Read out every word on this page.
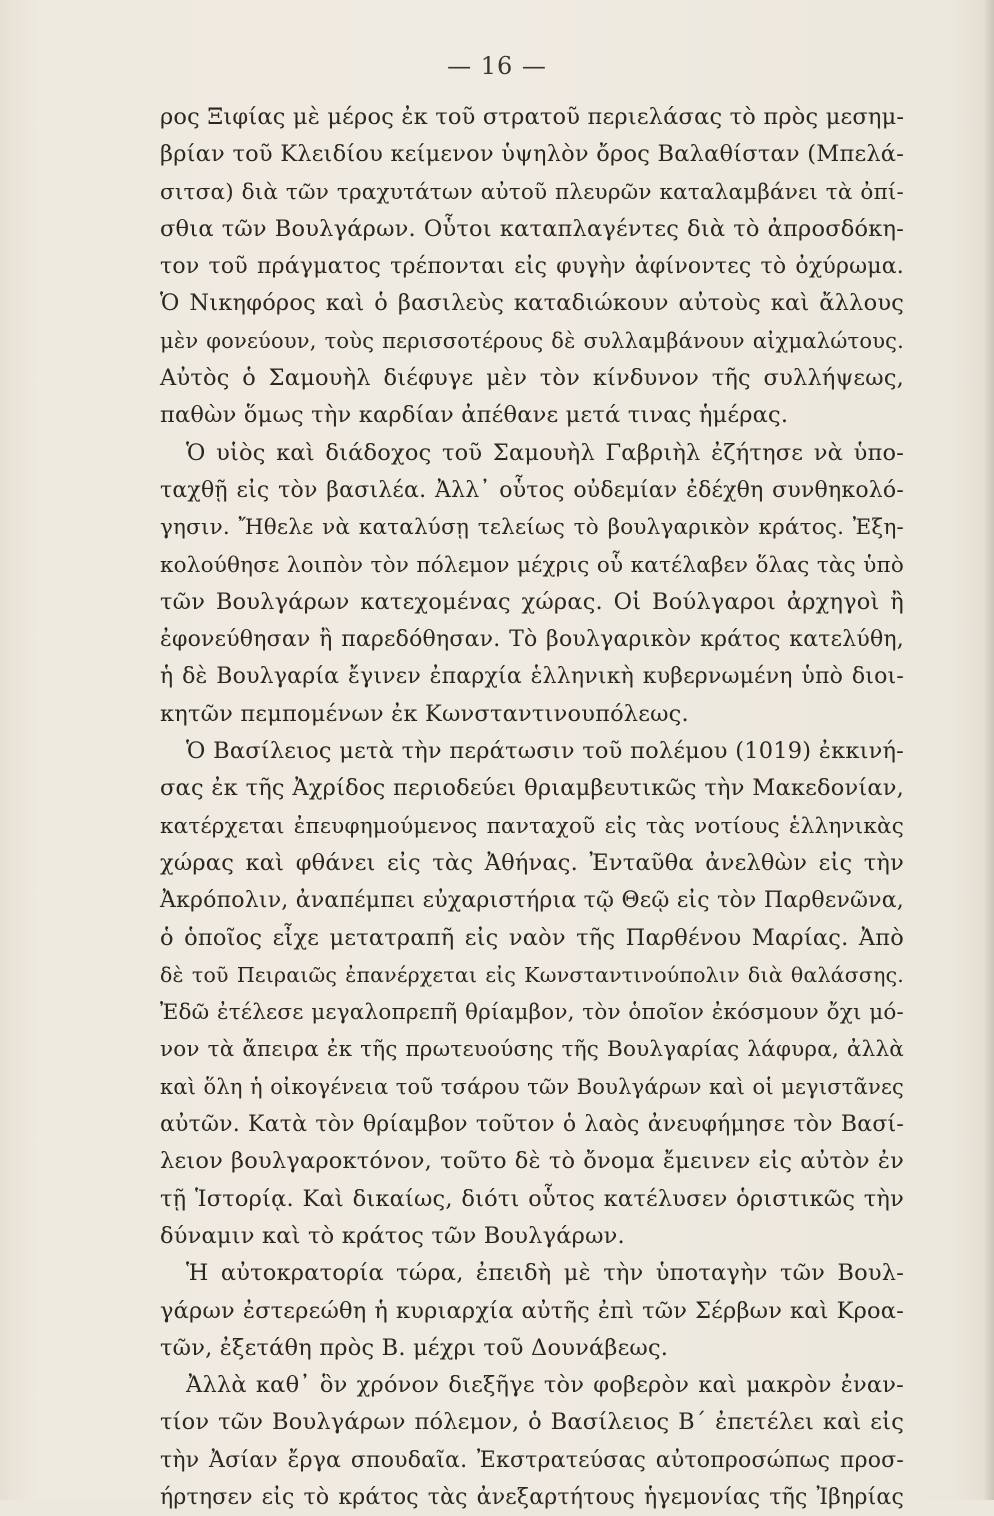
— 16 —
ρος Ξιφίας μὲ μέρος ἐκ τοῦ στρατοῦ περιελάσας τὸ πρὸς μεσημ-
βρίαν τοῦ Κλειδίου κείμενον ὑψηλὸν ὄρος Βαλαθίσταν (Μπελά-
σιτσα) διὰ τῶν τραχυτάτων αὐτοῦ πλευρῶν καταλαμβάνει τὰ ὀπί-
σθια τῶν Βουλγάρων. Οὗτοι καταπλαγέντες διὰ τὸ ἀπροσδόκη-
τον τοῦ πράγματος τρέπονται εἰς φυγὴν ἀφίνοντες τὸ ὀχύρωμα.
Ὁ Νικηφόρος καὶ ὁ βασιλεὺς καταδιώκουν αὐτοὺς καὶ ἄλλους
μὲν φονεύουν, τοὺς περισσοτέρους δὲ συλλαμβάνουν αἰχμαλώτους.
Αὐτὸς ὁ Σαμουὴλ διέφυγε μὲν τὸν κίνδυνον τῆς συλλήψεως,
παθὼν ὅμως τὴν καρδίαν ἀπέθανε μετά τινας ἡμέρας.
Ὁ υἱὸς καὶ διάδοχος τοῦ Σαμουὴλ Γαβριὴλ ἐζήτησε νὰ ὑπο-
ταχθῇ εἰς τὸν βασιλέα. Ἀλλ᾽ οὗτος οὐδεμίαν ἐδέχθη συνθηκολό-
γησιν. Ἤθελε νὰ καταλύσῃ τελείως τὸ βουλγαρικὸν κράτος. Ἐξη-
κολούθησε λοιπὸν τὸν πόλεμον μέχρις οὗ κατέλαβεν ὅλας τὰς ὑπὸ
τῶν Βουλγάρων κατεχομένας χώρας. Οἱ Βούλγαροι ἀρχηγοὶ ἢ
ἐφονεύθησαν ἢ παρεδόθησαν. Τὸ βουλγαρικὸν κράτος κατελύθη,
ἡ δὲ Βουλγαρία ἔγινεν ἐπαρχία ἑλληνικὴ κυβερνωμένη ὑπὸ διοι-
κητῶν πεμπομένων ἐκ Κωνσταντινουπόλεως.
Ὁ Βασίλειος μετὰ τὴν περάτωσιν τοῦ πολέμου (1019) ἐκκινή-
σας ἐκ τῆς Ἀχρίδος περιοδεύει θριαμβευτικῶς τὴν Μακεδονίαν,
κατέρχεται ἐπευφημούμενος πανταχοῦ εἰς τὰς νοτίους ἑλληνικὰς
χώρας καὶ φθάνει εἰς τὰς Ἀθήνας. Ἐνταῦθα ἀνελθὼν εἰς τὴν
Ἀκρόπολιν, ἀναπέμπει εὐχαριστήρια τῷ Θεῷ εἰς τὸν Παρθενῶνα,
ὁ ὁποῖος εἶχε μετατραπῆ εἰς ναὸν τῆς Παρθένου Μαρίας. Ἀπὸ
δὲ τοῦ Πειραιῶς ἐπανέρχεται εἰς Κωνσταντινούπολιν διὰ θαλάσσης.
Ἐδῶ ἐτέλεσε μεγαλοπρεπῆ θρίαμβον, τὸν ὁποῖον ἐκόσμουν ὄχι μό-
νον τὰ ἄπειρα ἐκ τῆς πρωτευούσης τῆς Βουλγαρίας λάφυρα, ἀλλὰ
καὶ ὅλη ἡ οἰκογένεια τοῦ τσάρου τῶν Βουλγάρων καὶ οἱ μεγιστᾶνες
αὐτῶν. Κατὰ τὸν θρίαμβον τοῦτον ὁ λαὸς ἀνευφήμησε τὸν Βασί-
λειον βουλγαροκτόνον, τοῦτο δὲ τὸ ὄνομα ἔμεινεν εἰς αὐτὸν ἐν
τῇ Ἱστορίᾳ. Καὶ δικαίως, διότι οὗτος κατέλυσεν ὁριστικῶς τὴν
δύναμιν καὶ τὸ κράτος τῶν Βουλγάρων.
Ἡ αὐτοκρατορία τώρα, ἐπειδὴ μὲ τὴν ὑποταγὴν τῶν Βουλ-
γάρων ἐστερεώθη ἡ κυριαρχία αὐτῆς ἐπὶ τῶν Σέρβων καὶ Κροα-
τῶν, ἐξετάθη πρὸς Β. μέχρι τοῦ Δουνάβεως.
Ἀλλὰ καθ᾽ ὃν χρόνον διεξῆγε τὸν φοβερὸν καὶ μακρὸν ἐναν-
τίον τῶν Βουλγάρων πόλεμον, ὁ Βασίλειος Β΄ ἐπετέλει καὶ εἰς
τὴν Ἀσίαν ἔργα σπουδαῖα. Ἐκστρατεύσας αὐτοπροσώπως προσ-
ήρτησεν εἰς τὸ κράτος τὰς ἀνεξαρτήτους ἡγεμονίας τῆς Ἰβηρίας
